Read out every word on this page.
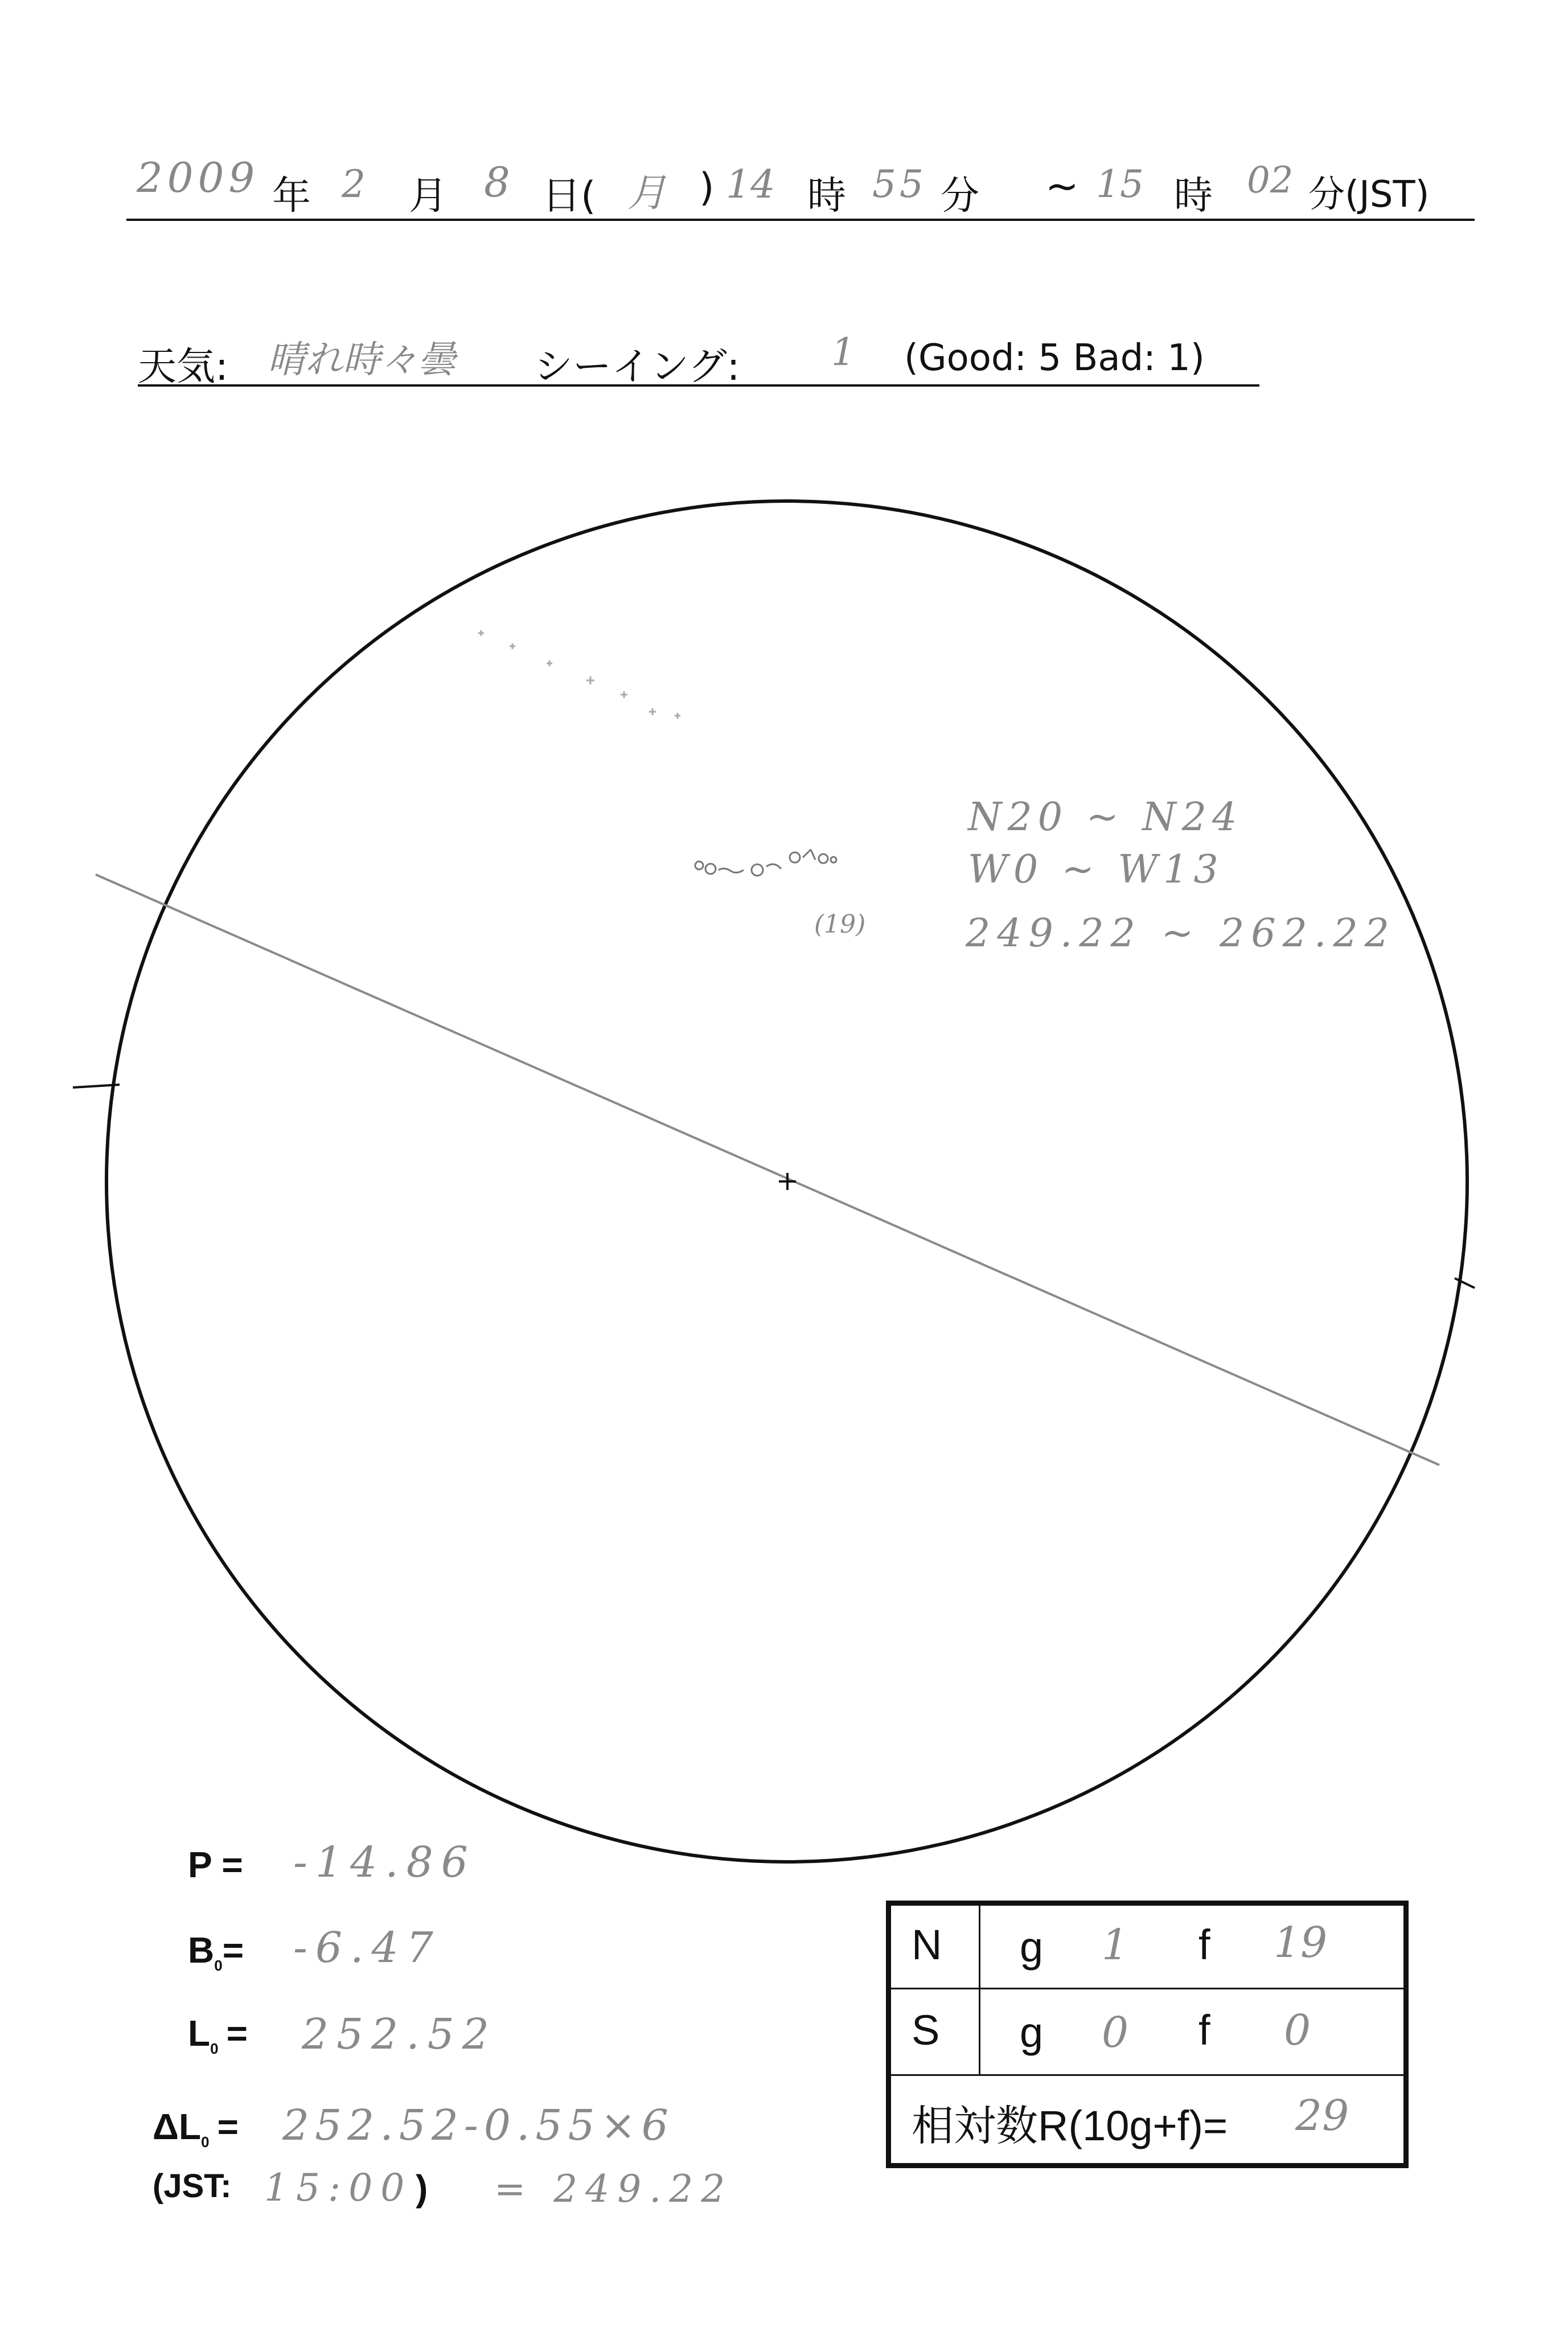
2009 年 2 月 8 日( 月 ) 14 時 55 分 ~ 15 時 02 分(JST)
天気: 晴れ時々曇 シーイング: 1 (Good: 5 Bad: 1)
N20 ~ N24
W0 ~ W13
249.22 ~ 262.22
(19)
P = -14.86
$B_0= -6.47$
$L_0 = 252.52$
$\Delta L_0 = 252.52-0.55\times 6$
(JST: 15:00 ) = 249.22
N g 1 f 19
S g 0 f 0
相対数R(10g+f)= 29
